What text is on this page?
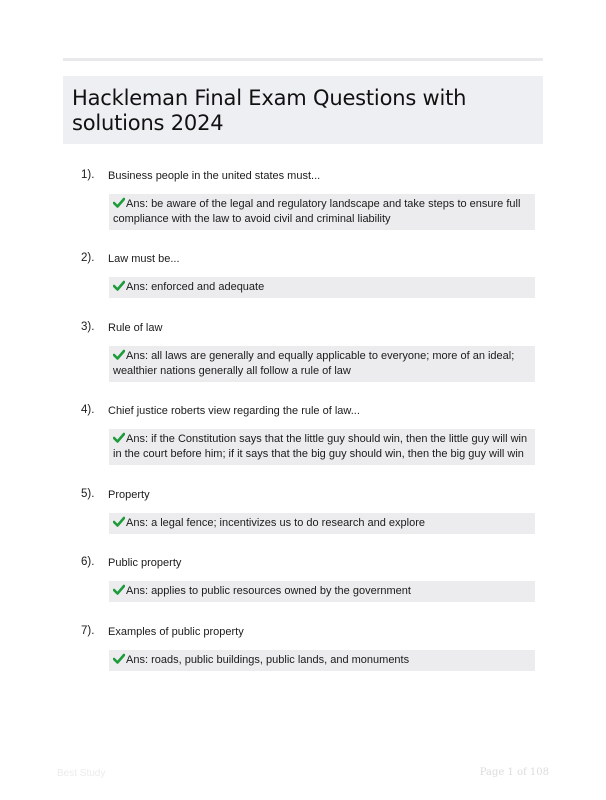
Hackleman Final Exam Questions with solutions 2024
1). Business people in the united states must...
Ans: be aware of the legal and regulatory landscape and take steps to ensure full compliance with the law to avoid civil and criminal liability
2). Law must be...
Ans: enforced and adequate
3). Rule of law
Ans: all laws are generally and equally applicable to everyone; more of an ideal; wealthier nations generally all follow a rule of law
4). Chief justice roberts view regarding the rule of law...
Ans: if the Constitution says that the little guy should win, then the little guy will win in the court before him; if it says that the big guy should win, then the big guy will win
5). Property
Ans: a legal fence; incentivizes us to do research and explore
6). Public property
Ans: applies to public resources owned by the government
7). Examples of public property
Ans: roads, public buildings, public lands, and monuments
Best Study	Page 1 of 108
